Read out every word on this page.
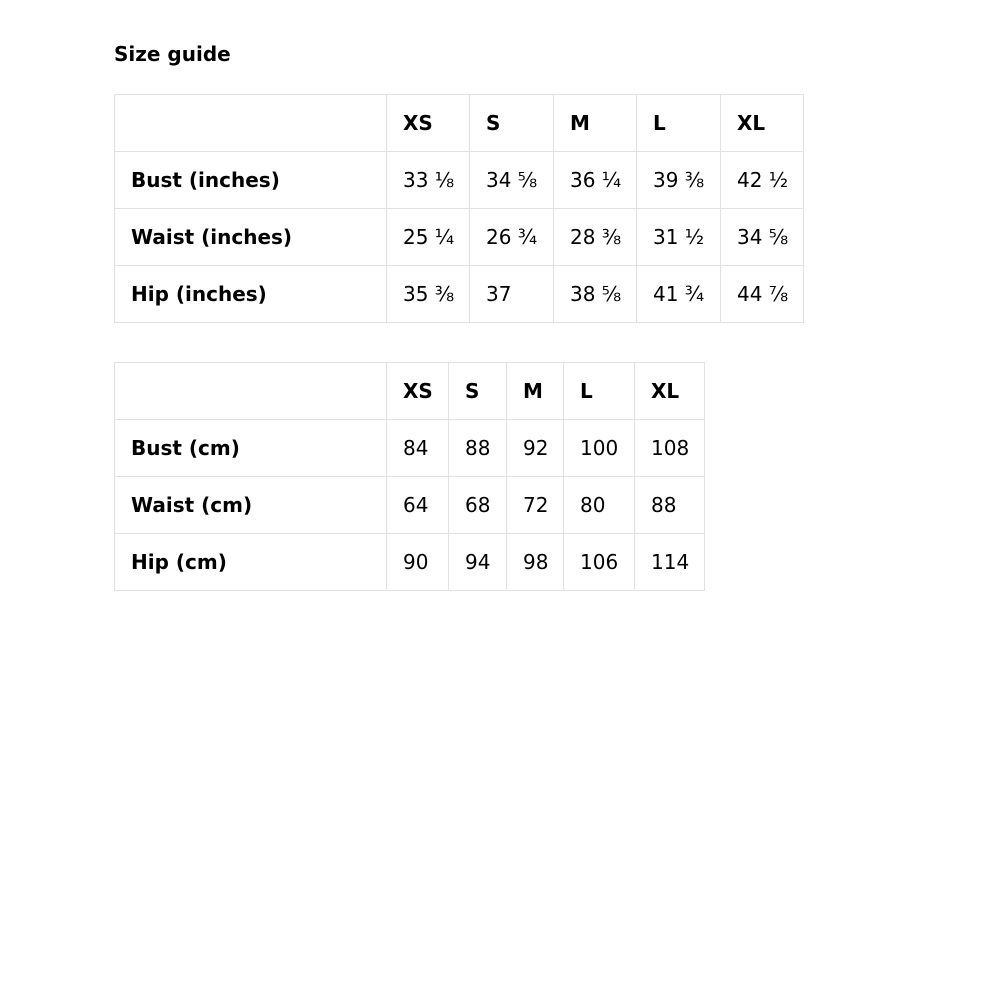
Size guide
	XS	S	M	L	XL
Bust (inches)	33 ⅛	34 ⅝	36 ¼	39 ⅜	42 ½
Waist (inches)	25 ¼	26 ¾	28 ⅜	31 ½	34 ⅝
Hip (inches)	35 ⅜	37	38 ⅝	41 ¾	44 ⅞
	XS	S	M	L	XL
Bust (cm)	84	88	92	100	108
Waist (cm)	64	68	72	80	88
Hip (cm)	90	94	98	106	114
